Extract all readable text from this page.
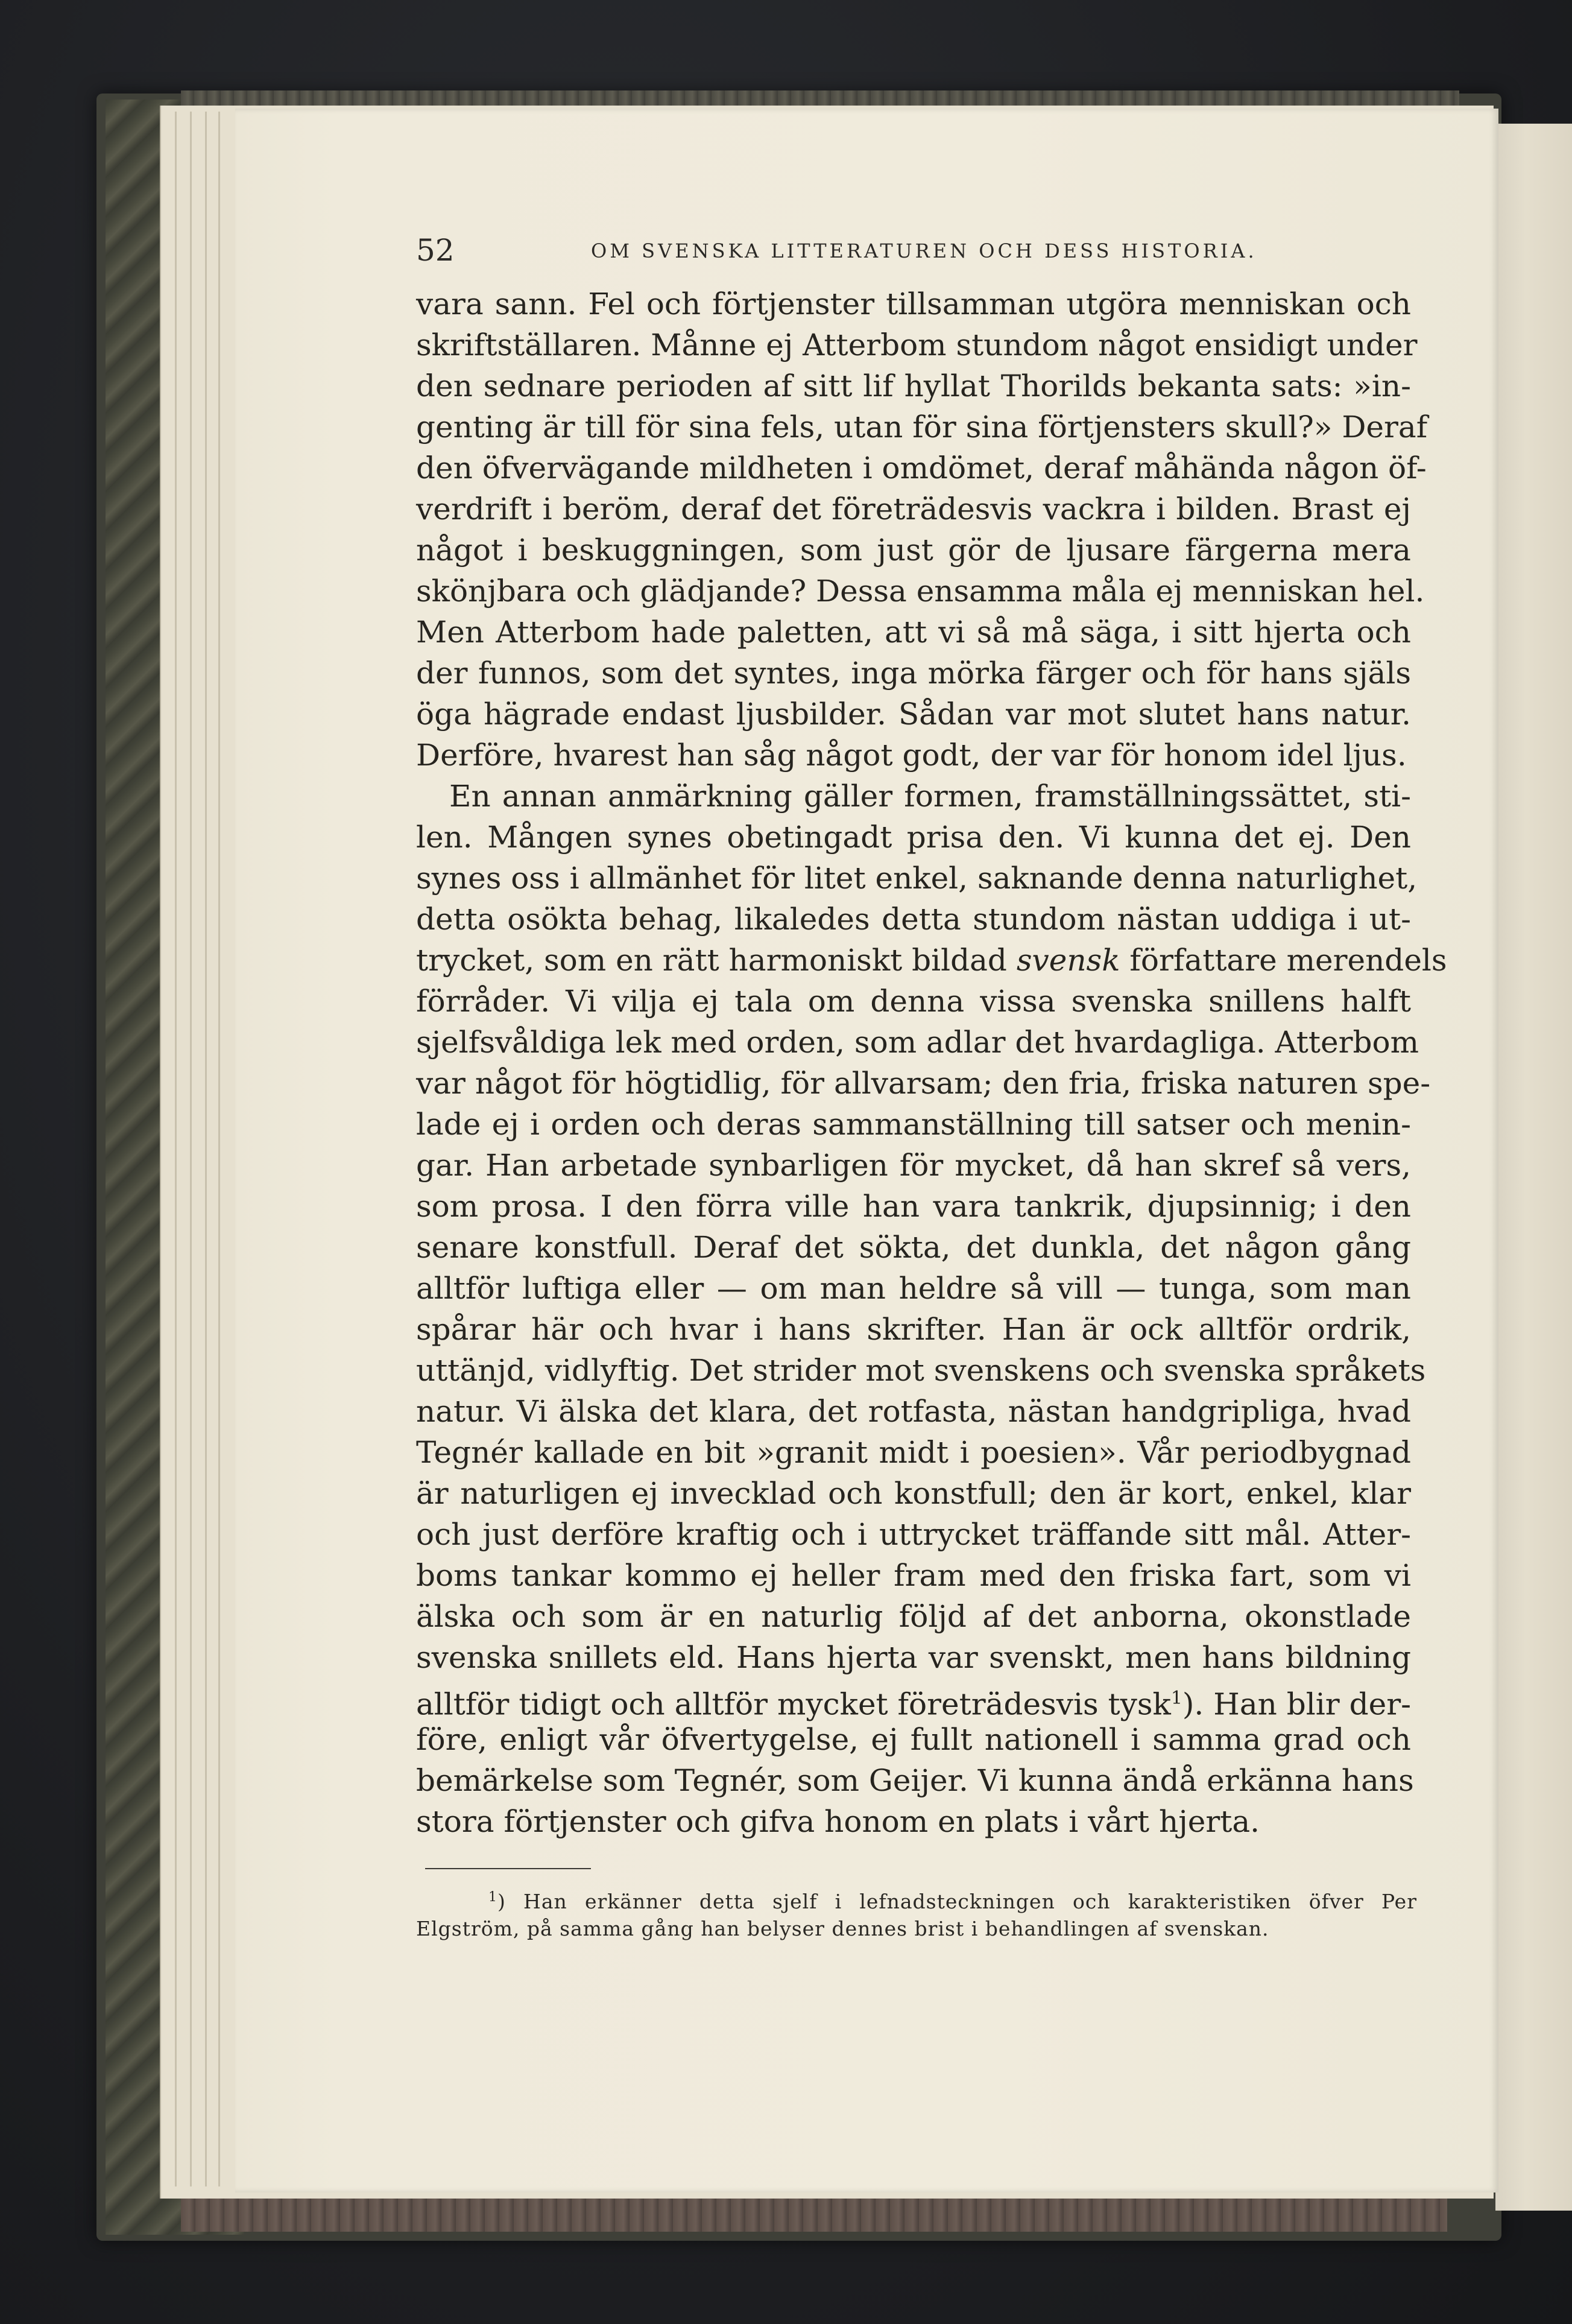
52	OM SVENSKA LITTERATUREN OCH DESS HISTORIA.
vara sann. Fel och förtjenster tillsamman utgöra menniskan och
skriftställaren. Månne ej Atterbom stundom något ensidigt under
den sednare perioden af sitt lif hyllat Thorilds bekanta sats: »in-
genting är till för sina fels, utan för sina förtjensters skull?» Deraf
den öfvervägande mildheten i omdömet, deraf måhända någon öf-
verdrift i beröm, deraf det företrädesvis vackra i bilden. Brast ej
något i beskuggningen, som just gör de ljusare färgerna mera
skönjbara och glädjande? Dessa ensamma måla ej menniskan hel.
Men Atterbom hade paletten, att vi så må säga, i sitt hjerta och
der funnos, som det syntes, inga mörka färger och för hans själs
öga hägrade endast ljusbilder. Sådan var mot slutet hans natur.
Derföre, hvarest han såg något godt, der var för honom idel ljus.
En annan anmärkning gäller formen, framställningssättet, sti-
len. Mången synes obetingadt prisa den. Vi kunna det ej. Den
synes oss i allmänhet för litet enkel, saknande denna naturlighet,
detta osökta behag, likaledes detta stundom nästan uddiga i ut-
trycket, som en rätt harmoniskt bildad svensk författare merendels
förråder. Vi vilja ej tala om denna vissa svenska snillens halft
sjelfsvåldiga lek med orden, som adlar det hvardagliga. Atterbom
var något för högtidlig, för allvarsam; den fria, friska naturen spe-
lade ej i orden och deras sammanställning till satser och menin-
gar. Han arbetade synbarligen för mycket, då han skref så vers,
som prosa. I den förra ville han vara tankrik, djupsinnig; i den
senare konstfull. Deraf det sökta, det dunkla, det någon gång
alltför luftiga eller — om man heldre så vill — tunga, som man
spårar här och hvar i hans skrifter. Han är ock alltför ordrik,
uttänjd, vidlyftig. Det strider mot svenskens och svenska språkets
natur. Vi älska det klara, det rotfasta, nästan handgripliga, hvad
Tegnér kallade en bit »granit midt i poesien». Vår periodbygnad
är naturligen ej invecklad och konstfull; den är kort, enkel, klar
och just derföre kraftig och i uttrycket träffande sitt mål. Atter-
boms tankar kommo ej heller fram med den friska fart, som vi
älska och som är en naturlig följd af det anborna, okonstlade
svenska snillets eld. Hans hjerta var svenskt, men hans bildning
alltför tidigt och alltför mycket företrädesvis tysk$^1$). Han blir der-
före, enligt vår öfvertygelse, ej fullt nationell i samma grad och
bemärkelse som Tegnér, som Geijer. Vi kunna ändå erkänna hans
stora förtjenster och gifva honom en plats i vårt hjerta.
$^1$) Han erkänner detta sjelf i lefnadsteckningen och karakteristiken öfver Per
Elgström, på samma gång han belyser dennes brist i behandlingen af svenskan.
